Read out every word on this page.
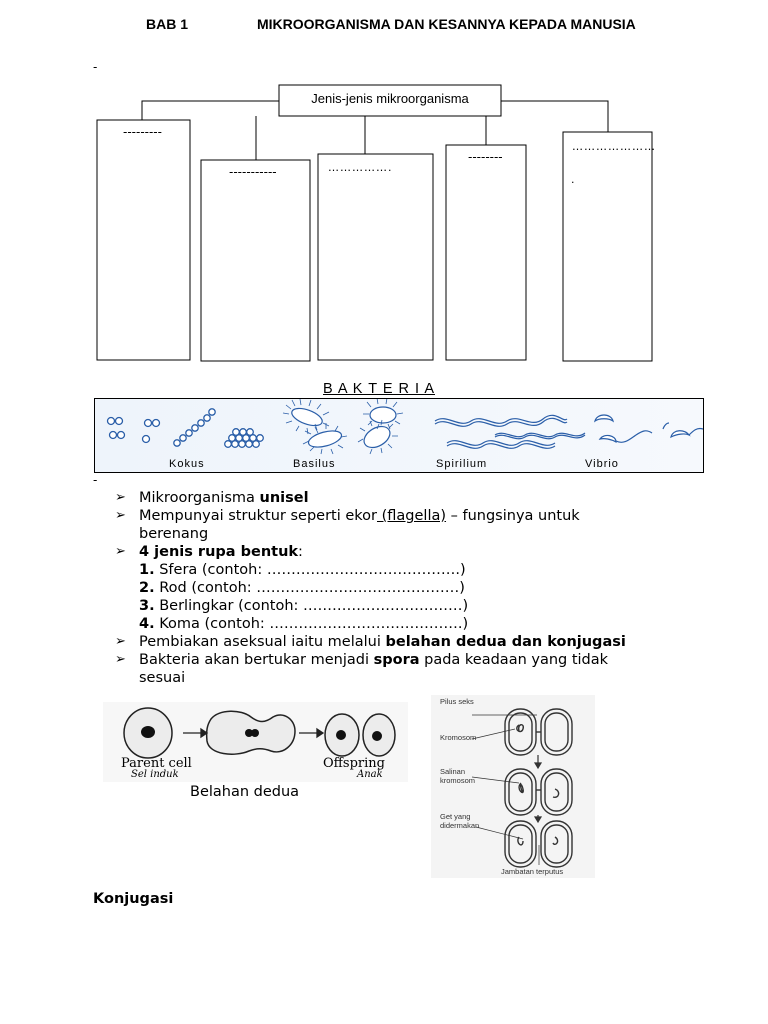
BAB 1	MIKROORGANISMA DAN KESANNYA KEPADA MANUSIA
-
Jenis-jenis mikroorganisma
---------
-----------	…………….
--------
…………………
.
B A K T E R I A
Kokus	Basilus	Spirilium	Vibrio
-
➢ Mikroorganisma unisel
➢ Mempunyai struktur seperti ekor (flagella) – fungsinya untuk
berenang
➢ 4 jenis rupa bentuk:
1. Sfera (contoh: ………………………………….)
2. Rod (contoh: ……………………………………)
3. Berlingkar (contoh: ……………………………)
4. Koma (contoh: ………………………………….)
➢ Pembiakan aseksual iaitu melalui belahan dedua dan konjugasi
➢ Bakteria akan bertukar menjadi spora pada keadaan yang tidak
sesuai
Parent cell
Sel induk
Offspring
Anak
Belahan dedua
Pilus seks
Kromosom
Salinan
kromosom
Get yang
didermakan
Jambatan terputus
Konjugasi
